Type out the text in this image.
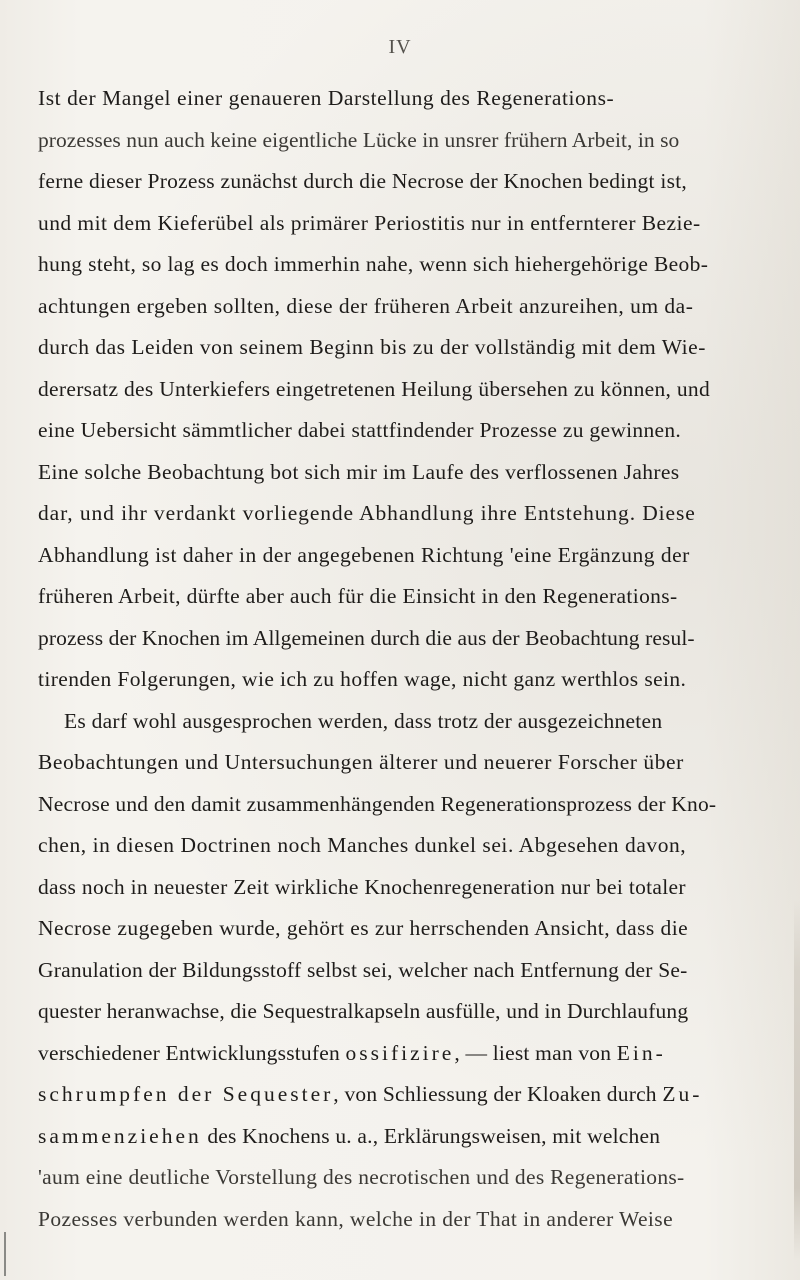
IV
Ist der Mangel einer genaueren Darstellung des Regenerations-
prozesses nun auch keine eigentliche Lücke in unsrer frühern Arbeit, in so
ferne dieser Prozess zunächst durch die Necrose der Knochen bedingt ist,
und mit dem Kieferübel als primärer Periostitis nur in entfernterer Bezie-
hung steht, so lag es doch immerhin nahe, wenn sich hiehergehörige Beob-
achtungen ergeben sollten, diese der früheren Arbeit anzureihen, um da-
durch das Leiden von seinem Beginn bis zu der vollständig mit dem Wie-
derersatz des Unterkiefers eingetretenen Heilung übersehen zu können, und
eine Uebersicht sämmtlicher dabei stattfindender Prozesse zu gewinnen.
Eine solche Beobachtung bot sich mir im Laufe des verflossenen Jahres
dar, und ihr verdankt vorliegende Abhandlung ihre Entstehung. Diese
Abhandlung ist daher in der angegebenen Richtung 'eine Ergänzung der
früheren Arbeit, dürfte aber auch für die Einsicht in den Regenerations-
prozess der Knochen im Allgemeinen durch die aus der Beobachtung resul-
tirenden Folgerungen, wie ich zu hoffen wage, nicht ganz werthlos sein.
Es darf wohl ausgesprochen werden, dass trotz der ausgezeichneten
Beobachtungen und Untersuchungen älterer und neuerer Forscher über
Necrose und den damit zusammenhängenden Regenerationsprozess der Kno-
chen, in diesen Doctrinen noch Manches dunkel sei. Abgesehen davon,
dass noch in neuester Zeit wirkliche Knochenregeneration nur bei totaler
Necrose zugegeben wurde, gehört es zur herrschenden Ansicht, dass die
Granulation der Bildungsstoff selbst sei, welcher nach Entfernung der Se-
quester heranwachse, die Sequestralkapseln ausfülle, und in Durchlaufung
verschiedener Entwicklungsstufen ossifizire, — liest man von Ein-
schrumpfen der Sequester, von Schliessung der Kloaken durch Zu-
sammenziehen des Knochens u. a., Erklärungsweisen, mit welchen
'aum eine deutliche Vorstellung des necrotischen und des Regenerations-
Pozesses verbunden werden kann, welche in der That in anderer Weise
